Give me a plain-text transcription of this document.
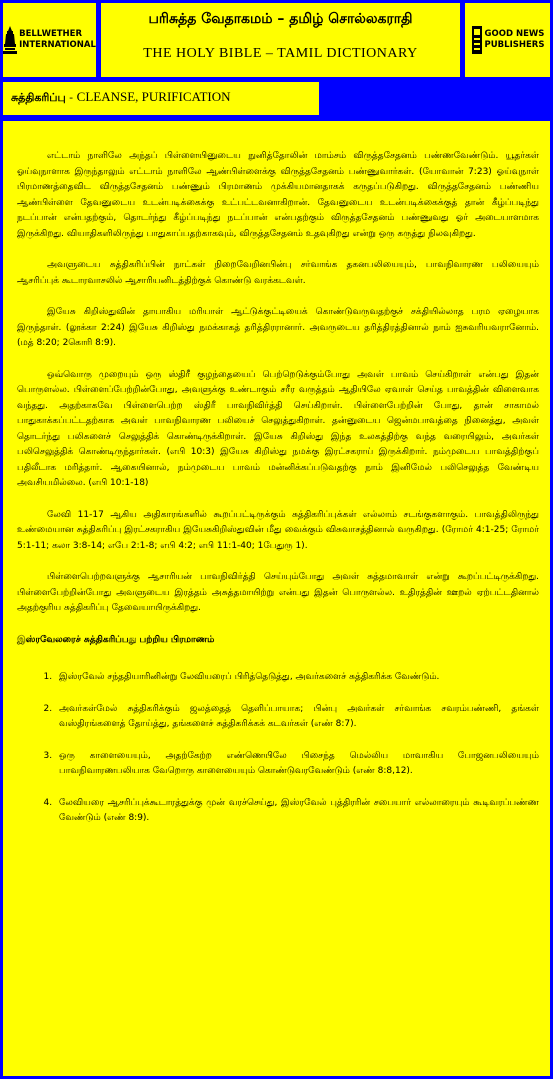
BELLWETHER
INTERNATIONAL
பரிசுத்த வேதாகமம் – தமிழ் சொல்லகராதி
THE HOLY BIBLE – TAMIL DICTIONARY
GOOD NEWS
PUBLISHERS
சுத்திகரிப்பு - CLEANSE, PURIFICATION

எட்டாம் நாளிலே அந்தப் பிள்ளையினுடைய நுனித்தோலின் மாம்சம் விருத்தசேதனம் பண்ணவேண்டும். யூதர்கள் ஓய்வுநாளாக இருந்தாலும் எட்டாம் நாளிலே ஆண்பிள்ளைக்கு விருத்தசேதனம் பண்ணுவார்கள். (யோவான் 7:23) ஓய்வுநாள் பிரமாணத்தைவிட விருத்தசேதனம் பண்ணும் பிரமாணம் முக்கியமானதாகக் கருதப்படுகிறது. விருத்தசேதனம் பண்ணிய ஆண்பிள்ளை தேவனுடைய உடன்படிக்கைக்கு உட்பட்டவனாகிறான். தேவனுடைய உடன்படிக்கைக்குத் தான் கீழ்ப்படிந்து நடப்பான் என்பதற்கும், தொடர்ந்து கீழ்ப்படிந்து நடப்பான் என்பதற்கும் விருத்தசேதனம் பண்ணுவது ஓர் அடையாளமாக இருக்கிறது. வியாதிகளிலிருந்து பாதுகாப்பதற்காகவும், விருத்தசேதனம் உதவுகிறது என்று ஒரு கருத்து நிலவுகிறது.

அவளுடைய சுத்திகரிப்பின் நாட்கள் நிறைவேறினபின்பு சர்வாங்க தகனபலியையும், பாவநிவாரண பலியையும் ஆசரிப்புக் கூடாரவாசலில் ஆசாரியனிடத்திற்குக் கொண்டு வரக்கடவள்.

இயேசு கிறிஸ்துவின் தாயாகிய மரியாள் ஆட்டுக்குட்டியைக் கொண்டுவருவதற்குச் சக்தியில்லாத பரம ஏழையாக இருந்தாள். (லூக்கா 2:24) இயேசு கிறிஸ்து நமக்காகத் தரித்திரரானார். அவருடைய தரித்திரத்தினால் நாம் ஐசுவரியவரானோம். (மத் 8:20; 2கொரி 8:9).

ஒவ்வொரு முறையும் ஒரு ஸ்திரீ குழந்தையைப் பெற்றெடுக்கும்போது அவள் பாவம் செய்கிறாள் என்பது இதன் பொருளல்ல. பிள்ளைப்பேற்றின்போது, அவளுக்கு உண்டாகும் சரீர வருத்தம் ஆதியிலே ஏவாள் செய்த பாவத்தின் விளைவாக வந்தது. அதற்காகவே பிள்ளைபெற்ற ஸ்திரீ பாவநிவிர்த்தி செய்கிறாள். பிள்ளைபேற்றின் போது, தான் சாகாமல் பாதுகாக்கப்பட்டதற்காக அவள் பாவநிவாரண பலியைச் செலுத்துகிறாள். தன்னுடைய ஜென்மபாவத்தை நினைத்து, அவள் தொடர்ந்து பலிகளைச் செலுத்திக் கொண்டிருக்கிறாள். இயேசு கிறிஸ்து இந்த உலகத்திற்கு வந்த வரையிலும், அவர்கள் பலிசெலுத்திக் கொண்டிருந்தார்கள். (எபி 10:3) இயேசு கிறிஸ்து நமக்கு இரட்சகராய் இருக்கிறார். நம்முடைய பாவத்திற்குப் பதிலீடாக மரித்தார். ஆகையினால், நம்முடைய பாவம் மன்னிக்கப்படுவதற்கு நாம் இனிமேல் பலிசெலுத்த வேண்டிய அவசியமில்லை. (எபி 10:1-18)

லேவி 11-17 ஆகிய அதிகாரங்களில் கூறப்பட்டிருக்கும் சுத்திகரிப்புக்கள் எல்லாம் சடங்குகளாகும். பாவத்திலிருந்து உண்மையான சுத்திகரிப்பு இரட்சகராகிய இயேசுகிறிஸ்துவின் மீது வைக்கும் விசுவாசத்தினால் வருகிறது. (ரோமர் 4:1-25; ரோமர் 5:1-11; கலா 3:8-14; எபே 2:1-8; எபி 4:2; எபி 11:1-40; 1பேதுரு 1).

பிள்ளைபெற்றவளுக்கு ஆசாரியன் பாவநிவிர்த்தி செய்யும்போது அவள் சுத்தமாவாள் என்று கூறப்பட்டிருக்கிறது. பிள்ளைபேற்றின்போது அவளுடைய இரத்தம் அசுத்தமாயிற்று என்பது இதன் பொருளல்ல. உதிரத்தின் ஊறல் ஏற்பட்டதினால் அதற்குரிய சுத்திகரிப்பு தேவையாயிருக்கிறது.

இஸ்ரவேலரைச் சுத்திகரிப்பது பற்றிய பிரமாணம்
1. இஸ்ரவேல் சந்ததியாரினின்று லேவியரைப் பிரித்தெடுத்து, அவர்களைச் சுத்திகரிக்க வேண்டும்.
2. அவர்கள்மேல் சுத்திகரிக்கும் ஜலத்தைத் தெளிப்பாயாக; பின்பு அவர்கள் சர்வாங்க சவரம்பண்ணி, தங்கள் வஸ்திரங்களைத் தோய்த்து, தங்களைச் சுத்திகரிக்கக் கடவர்கள் (எண் 8:7).
3. ஒரு காளையையும், அதற்கேற்ற எண்ணெயிலே பிசைந்த மெல்லிய மாவாகிய போஜனபலியையும் பாவநிவாரணபலியாக வேறொரு காளையையும் கொண்டுவரவேண்டும் (எண் 8:8,12).
4. லேவியரை ஆசரிப்புக்கூடாரத்துக்கு முன் வரச்செய்து, இஸ்ரவேல் புத்திரரின் சபையார் எல்லாரையும் கூடிவரப்பண்ண வேண்டும் (எண் 8:9).
